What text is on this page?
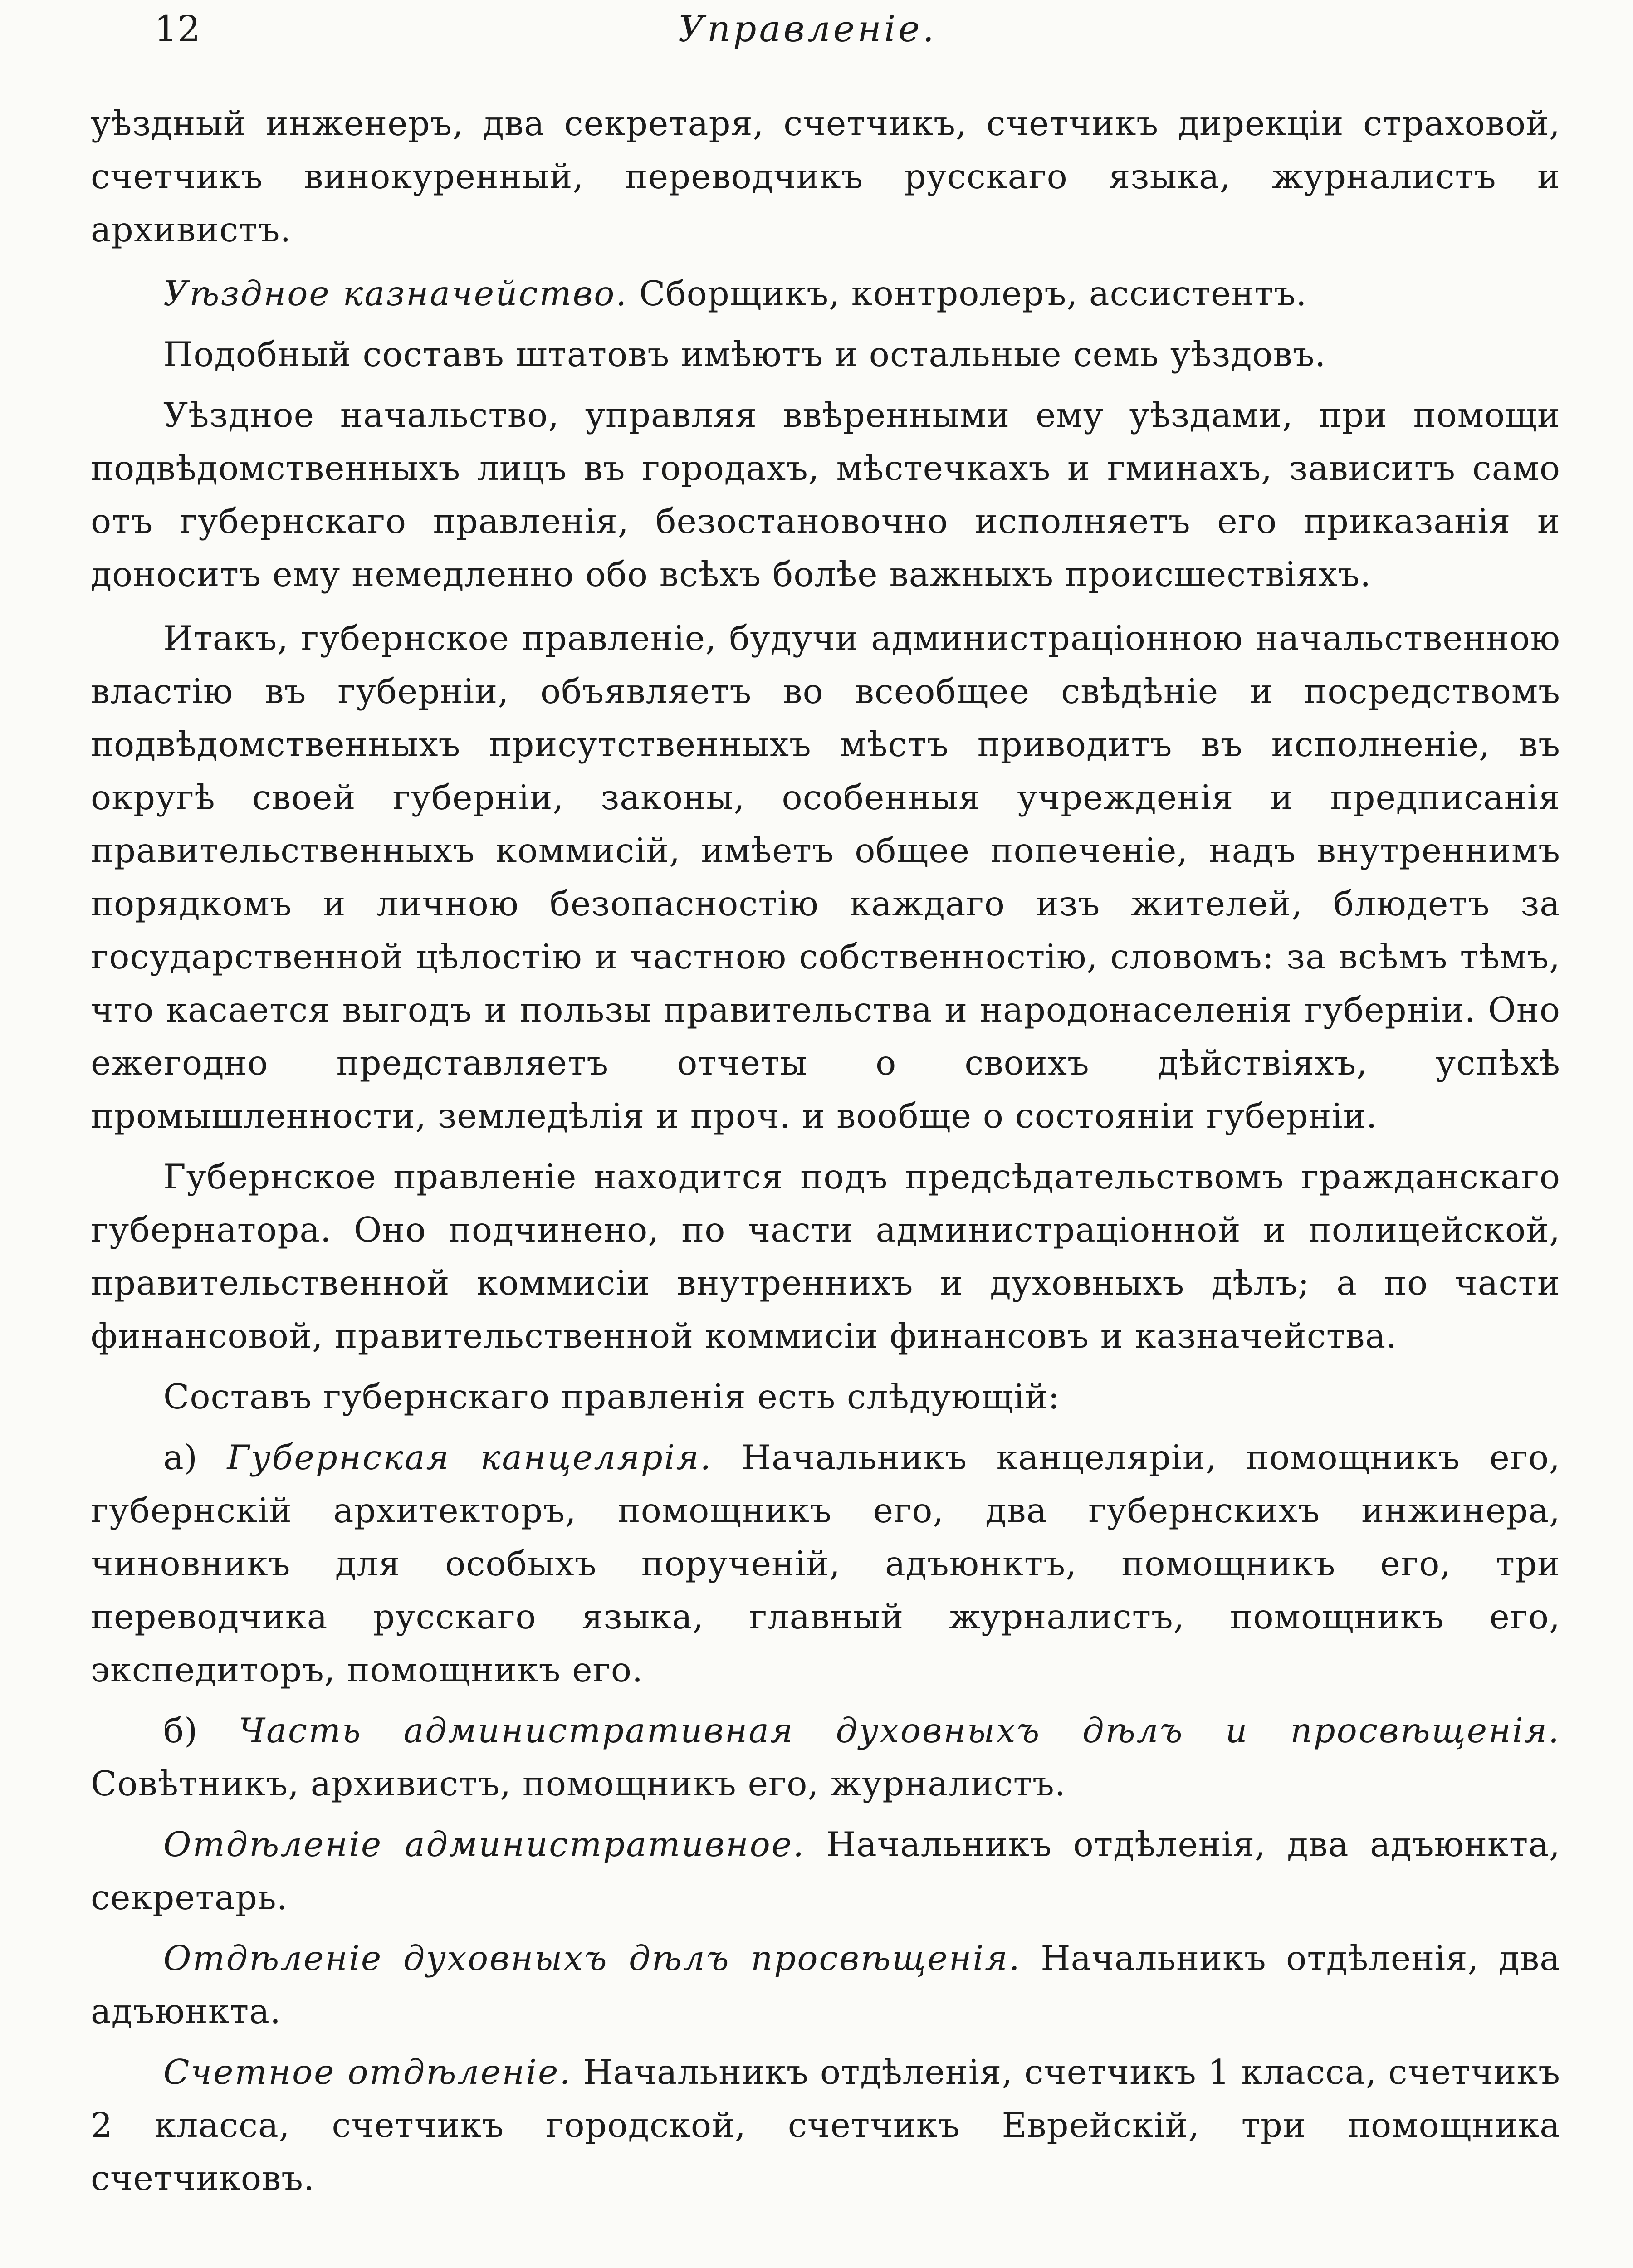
12	Управленіе.

уѣздный инженеръ, два секретаря, счетчикъ, счетчикъ дирекціи страховой, счетчикъ винокуренный, переводчикъ русскаго языка, журналистъ и архивистъ.

Уѣздное казначейство. Сборщикъ, контролеръ, ассистентъ.

Подобный составъ штатовъ имѣютъ и остальные семь уѣздовъ.

Уѣздное начальство, управляя ввѣренными ему уѣздами, при помощи подвѣдомственныхъ лицъ въ городахъ, мѣстечкахъ и гминахъ, зависитъ само отъ губернскаго правленія, безостановочно исполняетъ его приказанія и доноситъ ему немедленно обо всѣхъ болѣе важныхъ происшествіяхъ.

Итакъ, губернское правленіе, будучи администраціонною начальственною властію въ губерніи, объявляетъ во всеобщее свѣдѣніе и посредствомъ подвѣдомственныхъ присутственныхъ мѣстъ приводитъ въ исполненіе, въ округѣ своей губерніи, законы, особенныя учрежденія и предписанія правительственныхъ коммисій, имѣетъ общее попеченіе, надъ внутреннимъ порядкомъ и личною безопасностію каждаго изъ жителей, блюдетъ за государственной цѣлостію и частною собственностію, словомъ: за всѣмъ тѣмъ, что касается выгодъ и пользы правительства и народонаселенія губерніи. Оно ежегодно представляетъ отчеты о своихъ дѣйствіяхъ, успѣхѣ промышленности, земледѣлія и проч. и вообще о состояніи губерніи.

Губернское правленіе находится подъ предсѣдательствомъ гражданскаго губернатора. Оно подчинено, по части администраціонной и полицейской, правительственной коммисіи внутреннихъ и духовныхъ дѣлъ; а по части финансовой, правительственной коммисіи финансовъ и казначейства.

Составъ губернскаго правленія есть слѣдующій:

а) Губернская канцелярія. Начальникъ канцеляріи, помощникъ его, губернскій архитекторъ, помощникъ его, два губернскихъ инжинера, чиновникъ для особыхъ порученій, адъюнктъ, помощникъ его, три переводчика русскаго языка, главный журналистъ, помощникъ его, экспедиторъ, помощникъ его.

б) Часть административная духовныхъ дѣлъ и просвѣщенія. Совѣтникъ, архивистъ, помощникъ его, журналистъ.

Отдѣленіе административное. Начальникъ отдѣленія, два адъюнкта, секретарь.

Отдѣленіе духовныхъ дѣлъ просвѣщенія. Начальникъ отдѣленія, два адъюнкта.

Счетное отдѣленіе. Начальникъ отдѣленія, счетчикъ 1 класса, счетчикъ 2 класса, счетчикъ городской, счетчикъ Еврейскій, три помощника счетчиковъ.
